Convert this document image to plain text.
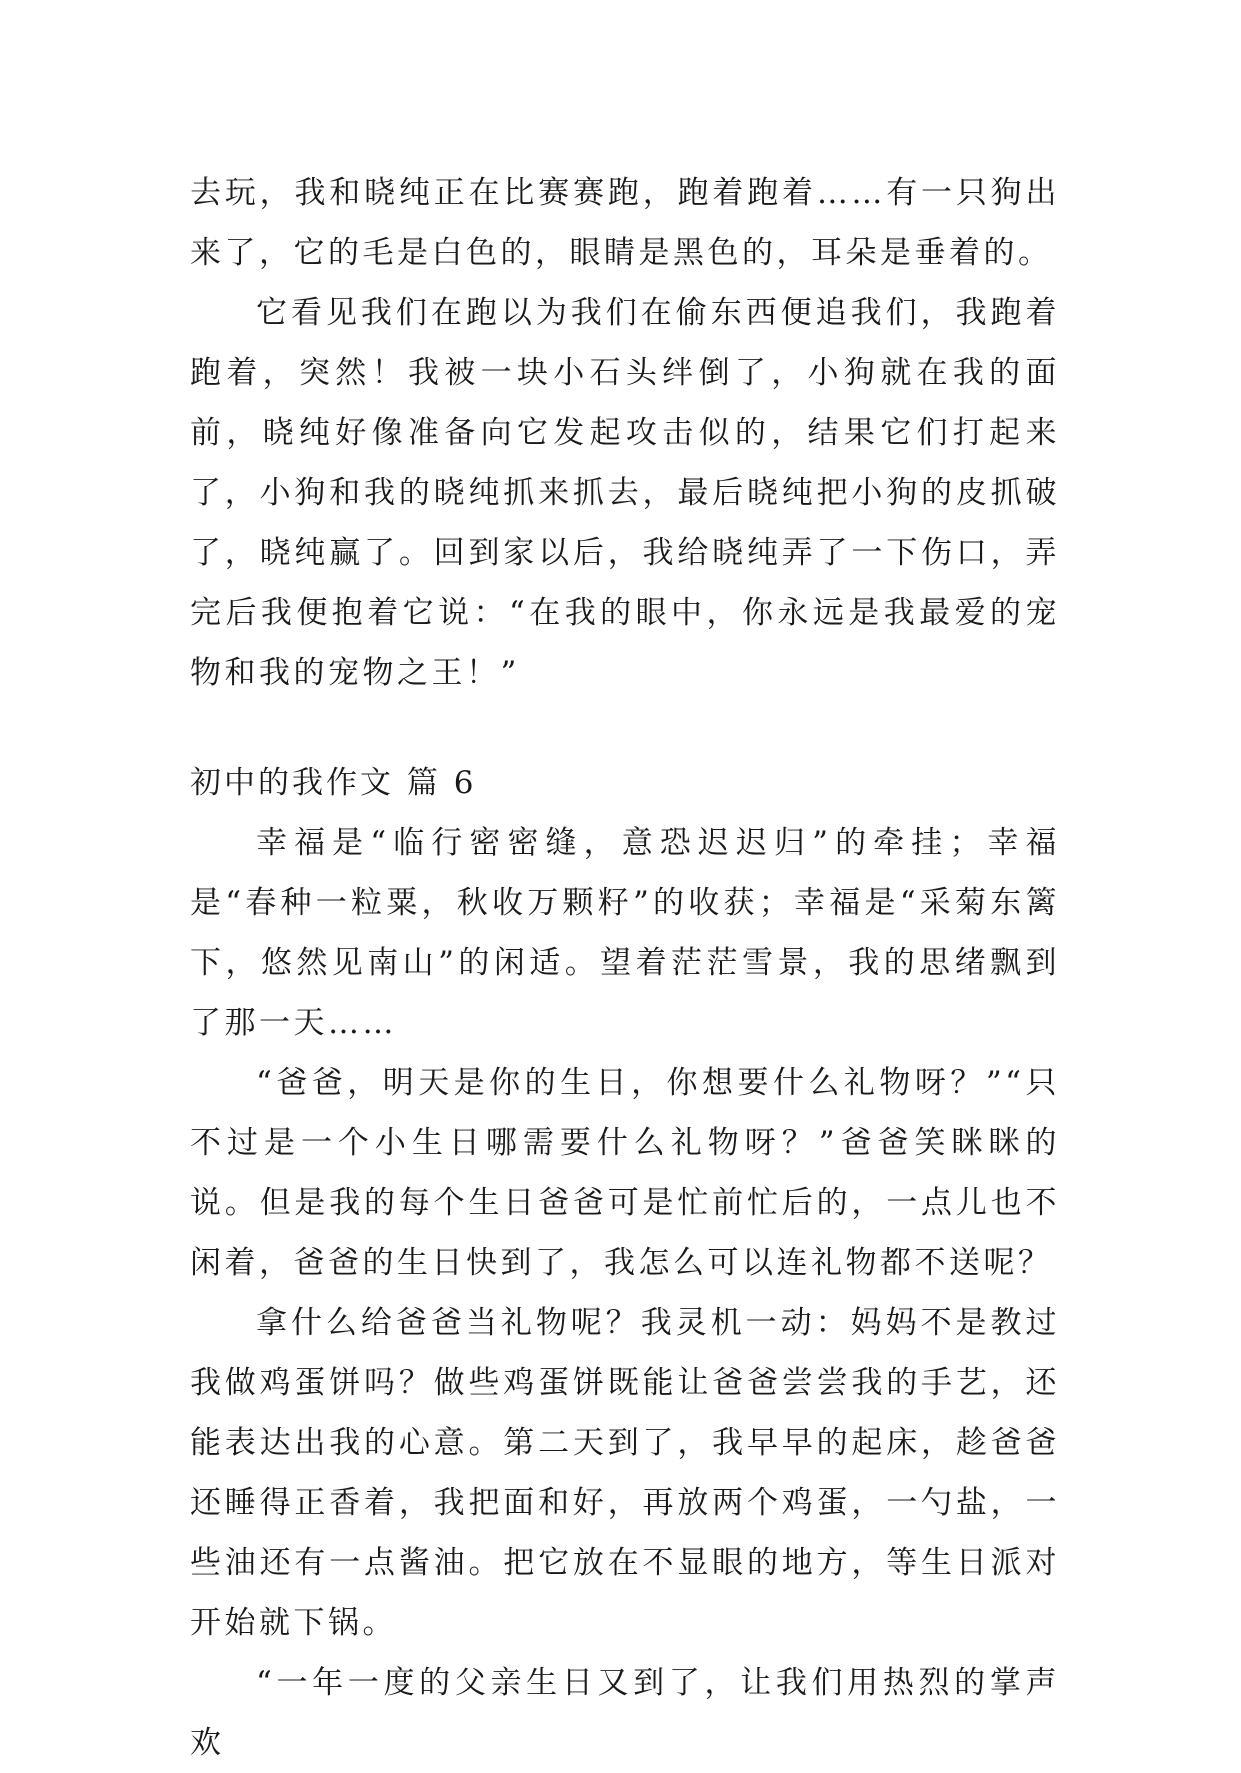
去玩，我和晓纯正在比赛赛跑，跑着跑着……有一只狗出来了，它的毛是白色的，眼睛是黑色的，耳朵是垂着的。

它看见我们在跑以为我们在偷东西便追我们，我跑着跑着，突然！我被一块小石头绊倒了，小狗就在我的面前，晓纯好像准备向它发起攻击似的，结果它们打起来了，小狗和我的晓纯抓来抓去，最后晓纯把小狗的皮抓破了，晓纯赢了。回到家以后，我给晓纯弄了一下伤口，弄完后我便抱着它说：“在我的眼中，你永远是我最爱的宠物和我的宠物之王！”

初中的我作文 篇 6

幸福是“临行密密缝，意恐迟迟归”的牵挂；幸福是“春种一粒粟，秋收万颗籽”的收获；幸福是“采菊东篱下，悠然见南山”的闲适。望着茫茫雪景，我的思绪飘到了那一天……

“爸爸，明天是你的生日，你想要什么礼物呀？”“只不过是一个小生日哪需要什么礼物呀？”爸爸笑眯眯的说。但是我的每个生日爸爸可是忙前忙后的，一点儿也不闲着，爸爸的生日快到了，我怎么可以连礼物都不送呢？

拿什么给爸爸当礼物呢？我灵机一动：妈妈不是教过我做鸡蛋饼吗？做些鸡蛋饼既能让爸爸尝尝我的手艺，还能表达出我的心意。第二天到了，我早早的起床，趁爸爸还睡得正香着，我把面和好，再放两个鸡蛋，一勺盐，一些油还有一点酱油。把它放在不显眼的地方，等生日派对开始就下锅。

“一年一度的父亲生日又到了，让我们用热烈的掌声欢
